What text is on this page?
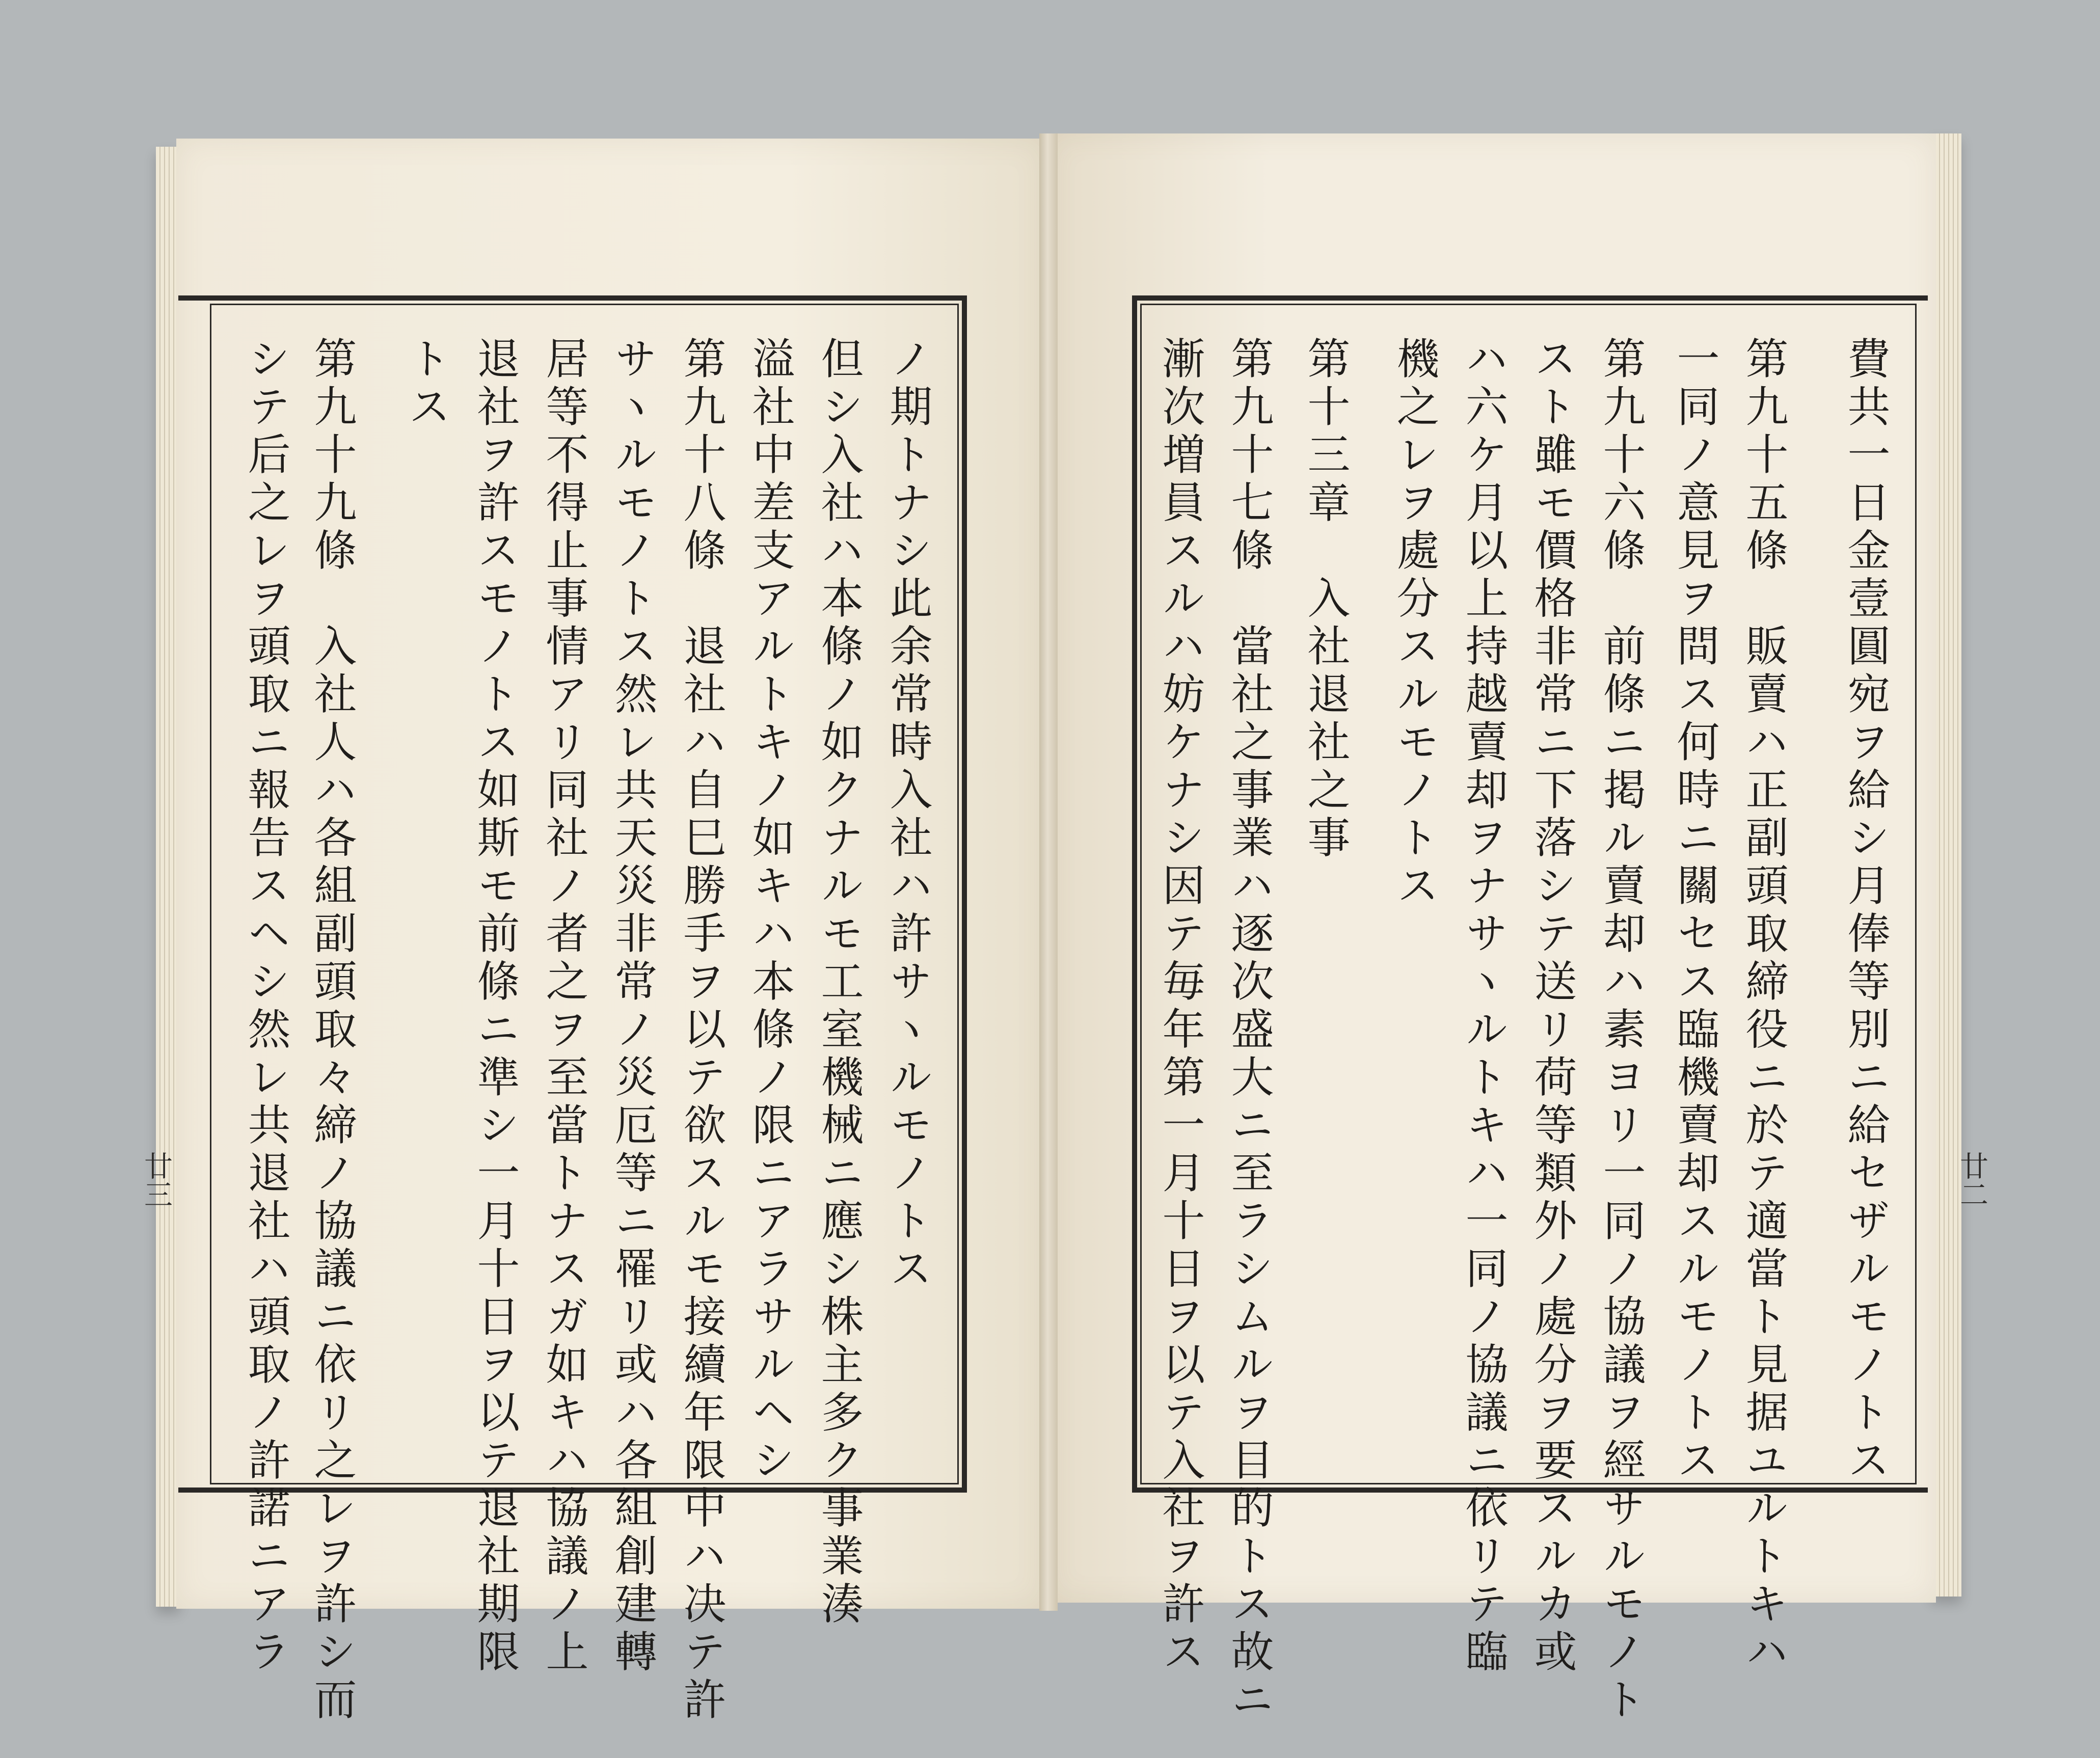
ノ期トナシ此余常時入社ハ許サヽルモノトス
但シ入社ハ本條ノ如クナルモ工室機械ニ應シ株主多ク事業湊
溢社中差支アルトキノ如キハ本條ノ限ニアラサルヘシ
第九十八條　退社ハ自巳勝手ヲ以テ欲スルモ接續年限中ハ决テ許
サヽルモノトス然レ共天災非常ノ災厄等ニ罹リ或ハ各組創建轉
居等不得止事情アリ同社ノ者之ヲ至當トナスガ如キハ協議ノ上
退社ヲ許スモノトス如斯モ前條ニ準シ一月十日ヲ以テ退社期限
トス
第九十九條　入社人ハ各組副頭取々締ノ協議ニ依リ之レヲ許シ而
シテ后之レヲ頭取ニ報告スヘシ然レ共退社ハ頭取ノ許諾ニアラ	費共一日金壹圓宛ヲ給シ月俸等別ニ給セザルモノトス
第九十五條　販賣ハ正副頭取締役ニ於テ適當ト見据ユルトキハ
一同ノ意見ヲ問ス何時ニ關セス臨機賣却スルモノトス
第九十六條　前條ニ掲ル賣却ハ素ヨリ一同ノ協議ヲ經サルモノト
スト雖モ價格非常ニ下落シテ送リ荷等類外ノ處分ヲ要スルカ或
ハ六ケ月以上持越賣却ヲナサヽルトキハ一同ノ協議ニ依リテ臨
機之レヲ處分スルモノトス
第十三章　入社退社之事
第九十七條　當社之事業ハ逐次盛大ニ至ラシムルヲ目的トス故ニ
漸次増員スルハ妨ケナシ因テ毎年第一月十日ヲ以テ入社ヲ許ス
廿三	廿二
